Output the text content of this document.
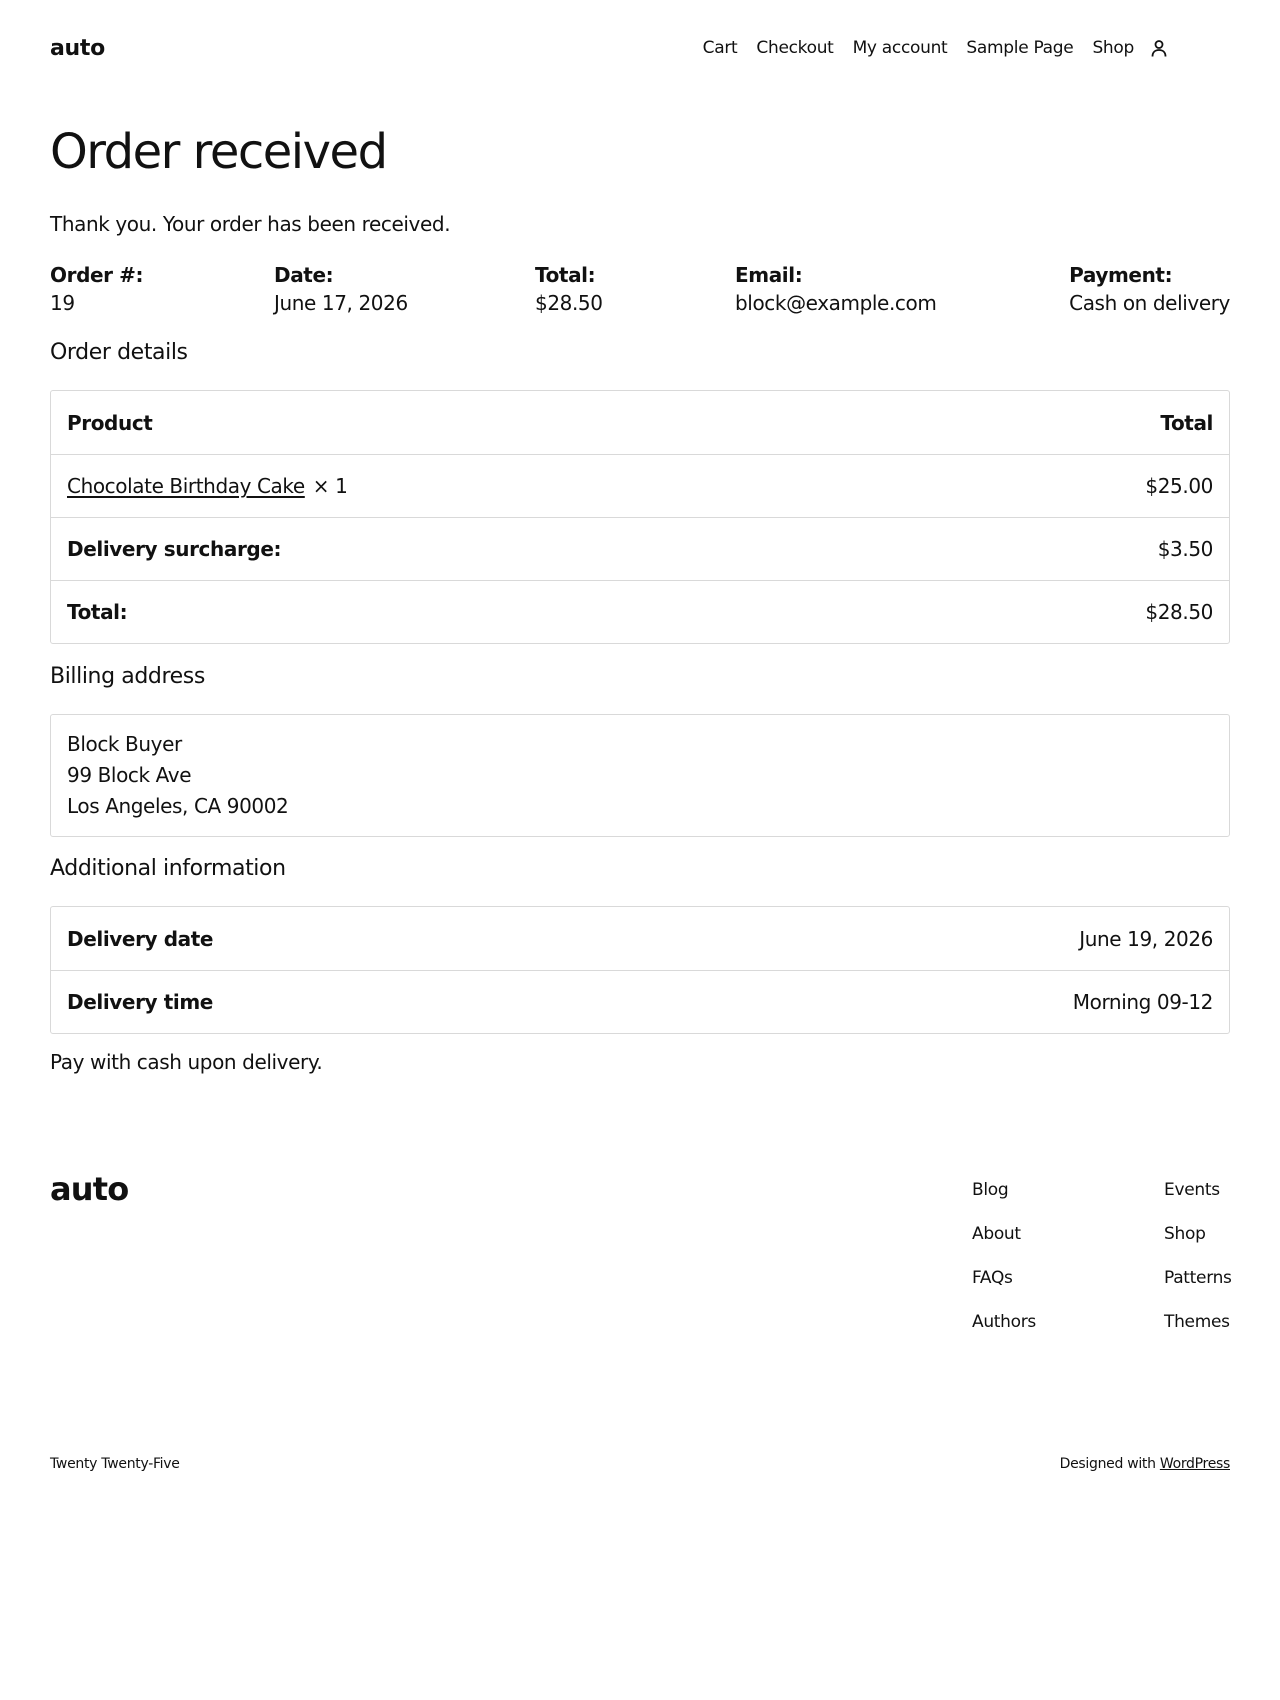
auto	Cart Checkout My account Sample Page Shop
Order received

Thank you. Your order has been received.

Order #:
19
Date:
June 17, 2026
Total:
$28.50
Email:
block@example.com
Payment:
Cash on delivery
Order details
Product	Total
Chocolate Birthday Cake × 1	$25.00
Delivery surcharge:	$3.50
Total:	$28.50
Billing address
Block Buyer
99 Block Ave
Los Angeles, CA 90002
Additional information
Delivery date	June 19, 2026
Delivery time	Morning 09-12

Pay with cash upon delivery.

auto	Blog
About
FAQs
Authors
Events
Shop
Patterns
Themes
Twenty Twenty-Five	Designed with WordPress
